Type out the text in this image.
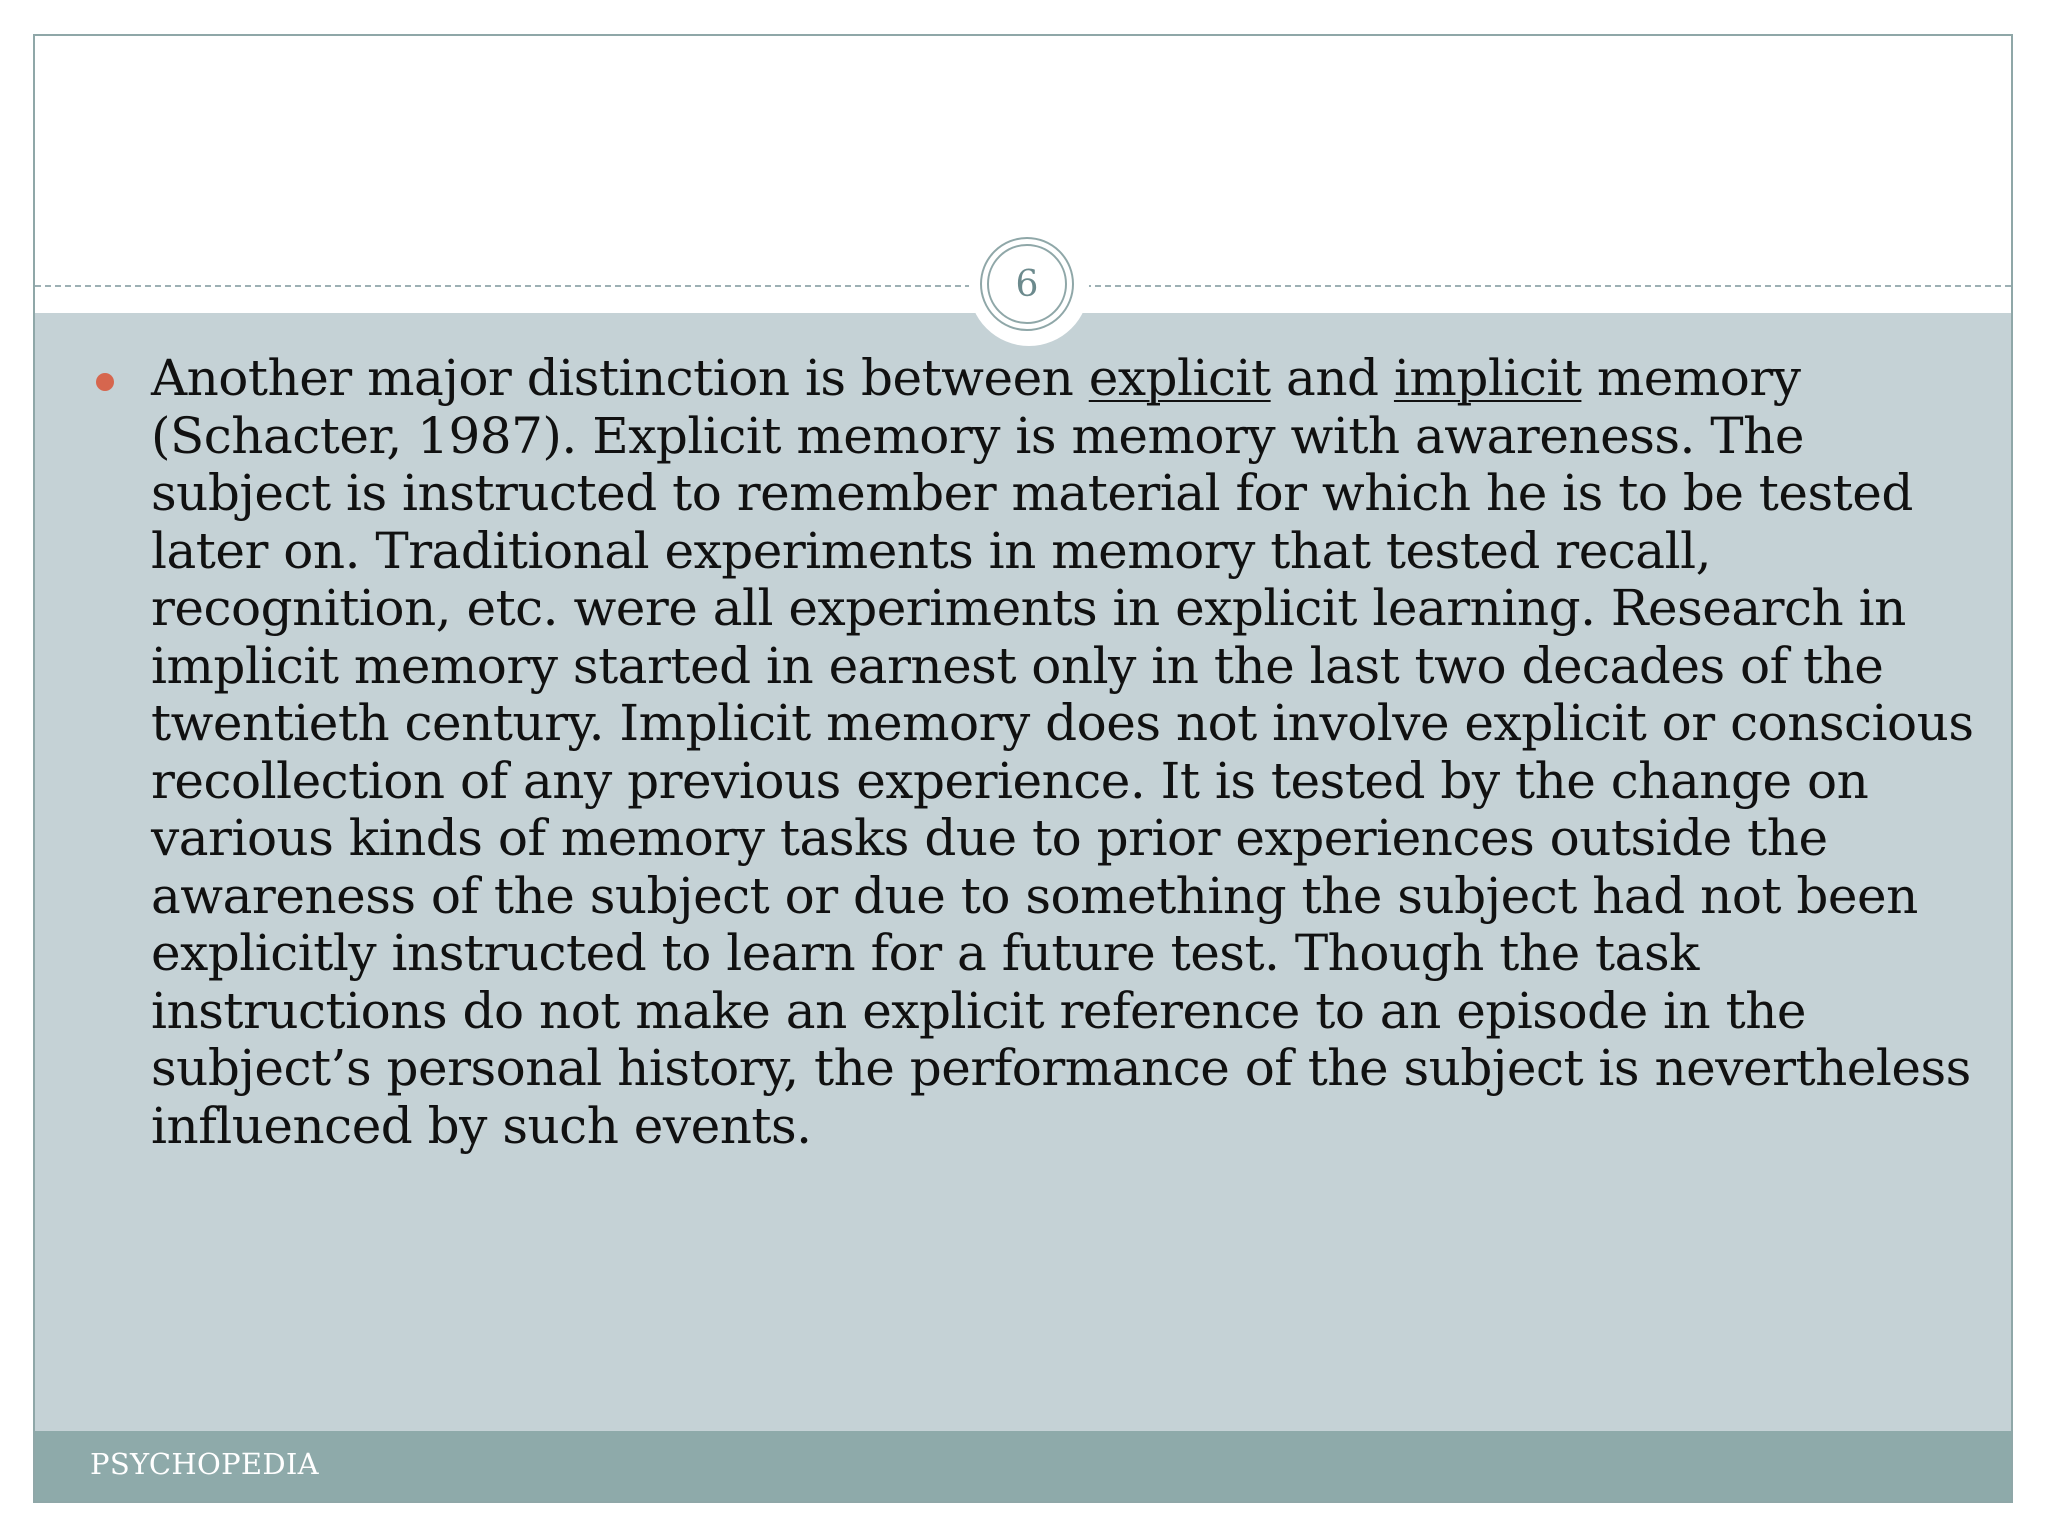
6
Another major distinction is between explicit and implicit memory (Schacter, 1987). Explicit memory is memory with awareness. The subject is instructed to remember material for which he is to be tested later on. Traditional experiments in memory that tested recall, recognition, etc. were all experiments in explicit learning. Research in implicit memory started in earnest only in the last two decades of the twentieth century. Implicit memory does not involve explicit or conscious recollection of any previous experience. It is tested by the change on various kinds of memory tasks due to prior experiences outside the awareness of the subject or due to something the subject had not been explicitly instructed to learn for a future test. Though the task instructions do not make an explicit reference to an episode in the subject’s personal history, the performance of the subject is nevertheless influenced by such events.
PSYCHOPEDIA
